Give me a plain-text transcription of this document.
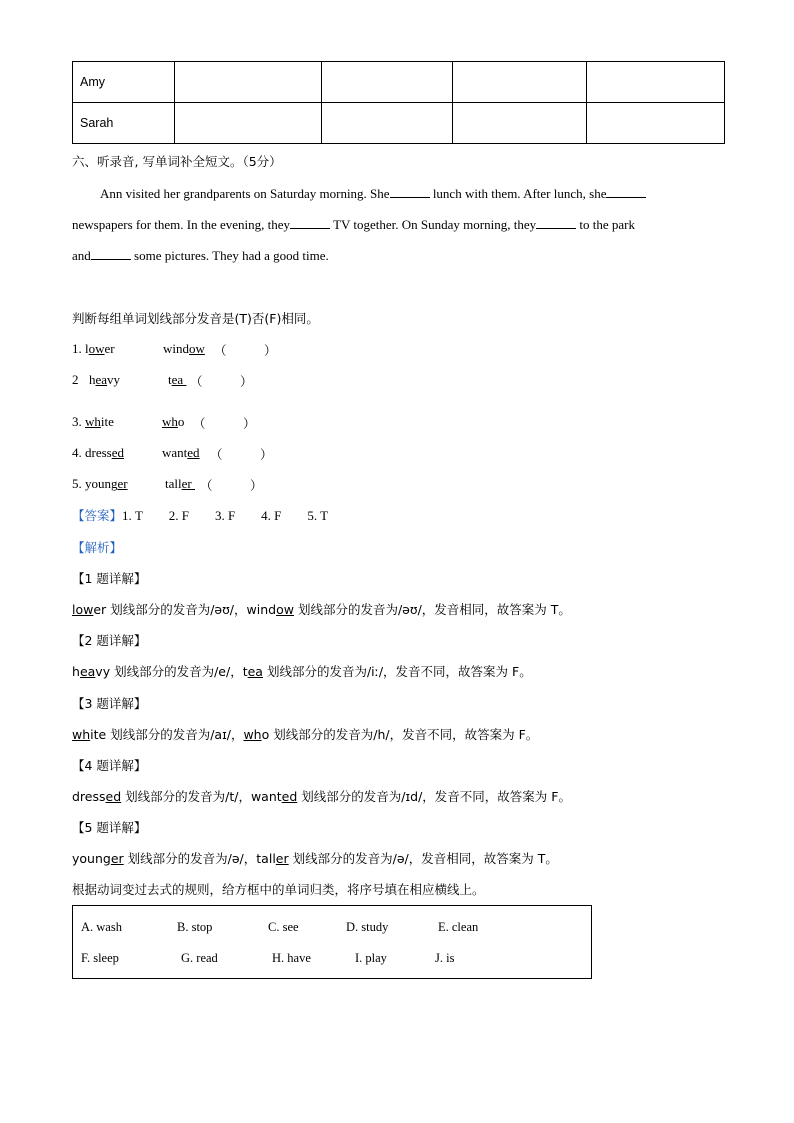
Amy				
Sarah				
六、听录音, 写单词补全短文。（5分）
Ann visited her grandparents on Saturday morning. She	lunch with them. After lunch, she
newspapers for them. In the evening, they	TV together. On Sunday morning, they	to the park
and	some pictures. They had a good time.
判断每组单词划线部分发音是(T)否(F)相同。
1. lower	window （　　　）
2 heavy	tea （　　　）
3. white	who （　　　）
4. dressed	wanted （　　　）
5. younger	taller （　　　）
【答案】1. T　　2. F　　3. F　　4. F　　5. T
【解析】
【1 题详解】
lower 划线部分的发音为/əʊ/，window 划线部分的发音为/əʊ/，发音相同，故答案为 T。
【2 题详解】
heavy 划线部分的发音为/e/，tea 划线部分的发音为/iː/，发音不同，故答案为 F。
【3 题详解】
white 划线部分的发音为/aɪ/，who 划线部分的发音为/h/，发音不同，故答案为 F。
【4 题详解】
dressed 划线部分的发音为/t/，wanted 划线部分的发音为/ɪd/，发音不同，故答案为 F。
【5 题详解】
younger 划线部分的发音为/ə/，taller 划线部分的发音为/ə/，发音相同，故答案为 T。
根据动词变过去式的规则，给方框中的单词归类，将序号填在相应横线上。
A. wash	B. stop	C. see	D. study	E. clean
F. sleep	G. read	H. have	I. play	J. is
